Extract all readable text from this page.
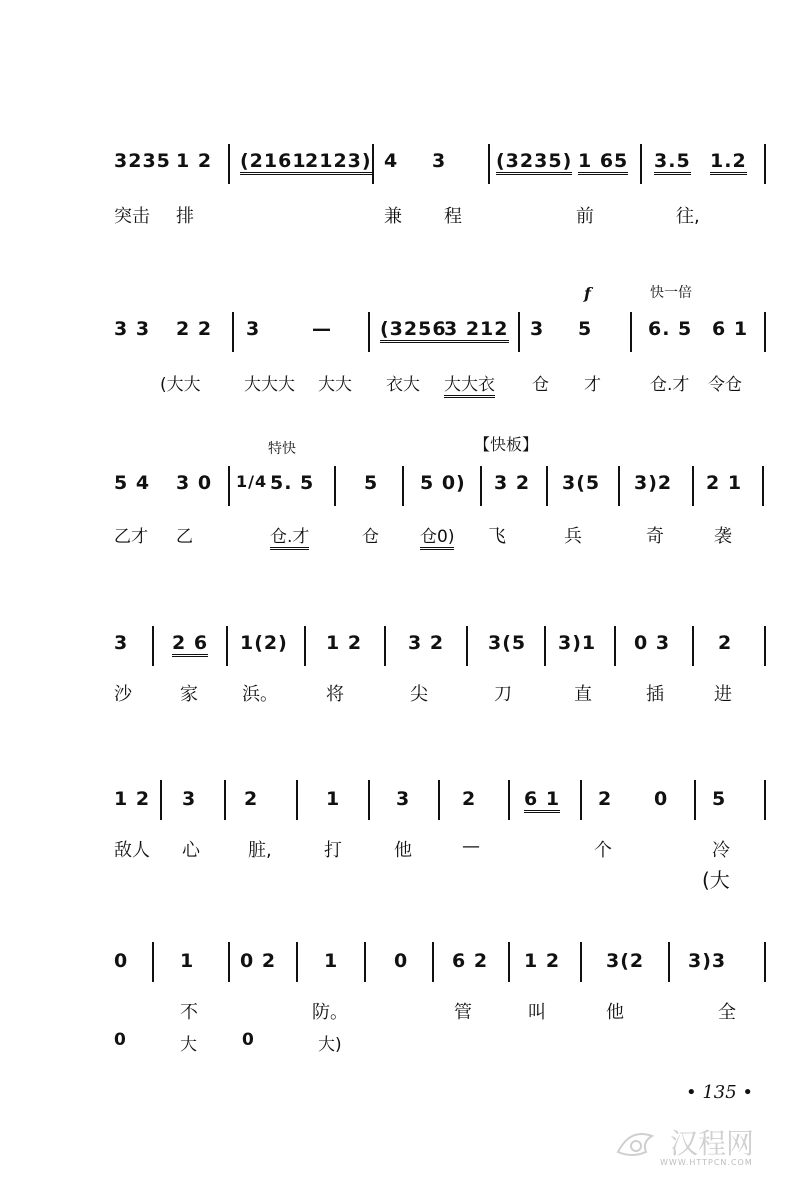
3235 1 2 (2161
2123) 4 3	(3235) 1 65 3.5 1.2
突击 排	兼 程	前	往,
快一倍
f
3 3 2 2 3	—	(3256
3 212 3 5	6. 5 6 1
(大大	大大大 大大 衣大 大大衣 仓 才	仓.才 令仓
特快	【快板】
5 4 3 0 1/4 5. 5	5 5 0) 3 2 3(5 3)2 2 1
乙才 乙	仓.才	仓 仓0) 飞	兵	奇	袭
3 2 6 1(2) 1 2 3 2 3(5 3)1 0 3	2
沙	家 浜。	将	尖	刀	直	插	进
1 2 3	2	1	3	2	6 1 2 0 5
敌人 心	脏,	打	他	—	个	冷
(大
0	1 0 2	1	0 6 2 1 2 3(2 3)3
不	防。	管	叫	他	全
0	大	0	大)
• 135 •
汉程网
WWW.HTTPCN.COM
